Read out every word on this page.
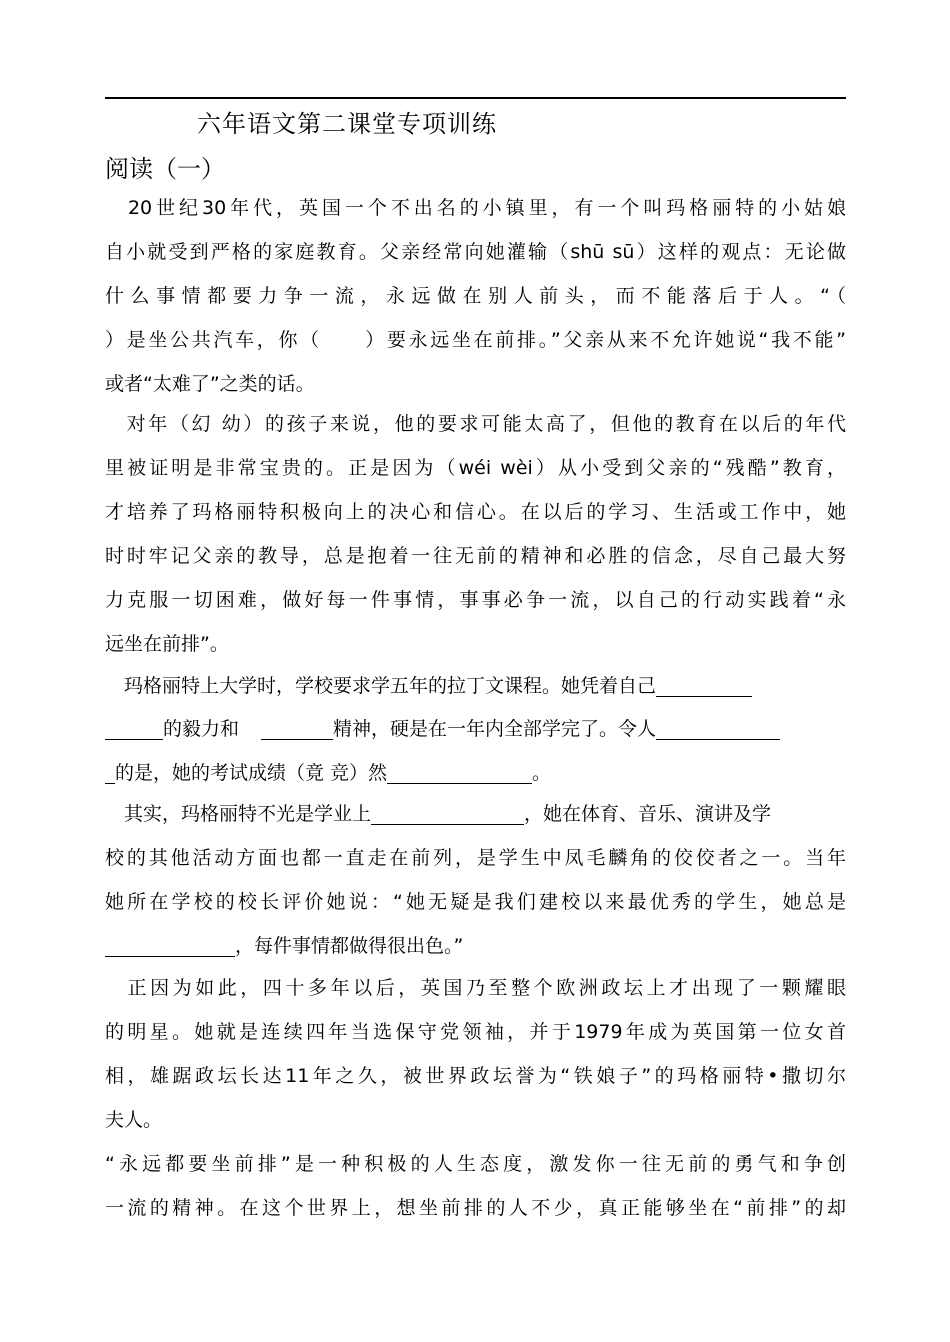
六年语文第二课堂专项训练
阅读（一）
　20世纪30年代，英国一个不出名的小镇里，有一个叫玛格丽特的小姑娘
自小就受到严格的家庭教育。父亲经常向她灌输（shū sū）这样的观点：无论做
什么事情都要力争一流，永远做在别人前头，而不能落后于人。“（
）是坐公共汽车，你（　　）要永远坐在前排。”父亲从来不允许她说“我不能”
或者“太难了”之类的话。
　对年（幻 幼）的孩子来说，他的要求可能太高了，但他的教育在以后的年代
里被证明是非常宝贵的。正是因为（wéi wèi）从小受到父亲的“残酷”教育，
才培养了玛格丽特积极向上的决心和信心。在以后的学习、生活或工作中，她
时时牢记父亲的教导，总是抱着一往无前的精神和必胜的信念，尽自己最大努
力克服一切困难，做好每一件事情，事事必争一流，以自己的行动实践着“永
远坐在前排”。
　玛格丽特上大学时，学校要求学五年的拉丁文课程。她凭着自己
的毅力和	精神，硬是在一年内全部学完了。令人
的是，她的考试成绩（竟 竞）然	。
　其实，玛格丽特不光是学业上	，她在体育、音乐、演讲及学
校的其他活动方面也都一直走在前列，是学生中凤毛麟角的佼佼者之一。当年
她所在学校的校长评价她说：“她无疑是我们建校以来最优秀的学生，她总是
，每件事情都做得很出色。”
　正因为如此，四十多年以后，英国乃至整个欧洲政坛上才出现了一颗耀眼
的明星。她就是连续四年当选保守党领袖，并于1979年成为英国第一位女首
相，雄踞政坛长达11年之久，被世界政坛誉为“铁娘子”的玛格丽特•撒切尔
夫人。
“永远都要坐前排”是一种积极的人生态度，激发你一往无前的勇气和争创
一流的精神。在这个世界上，想坐前排的人不少，真正能够坐在“前排”的却
